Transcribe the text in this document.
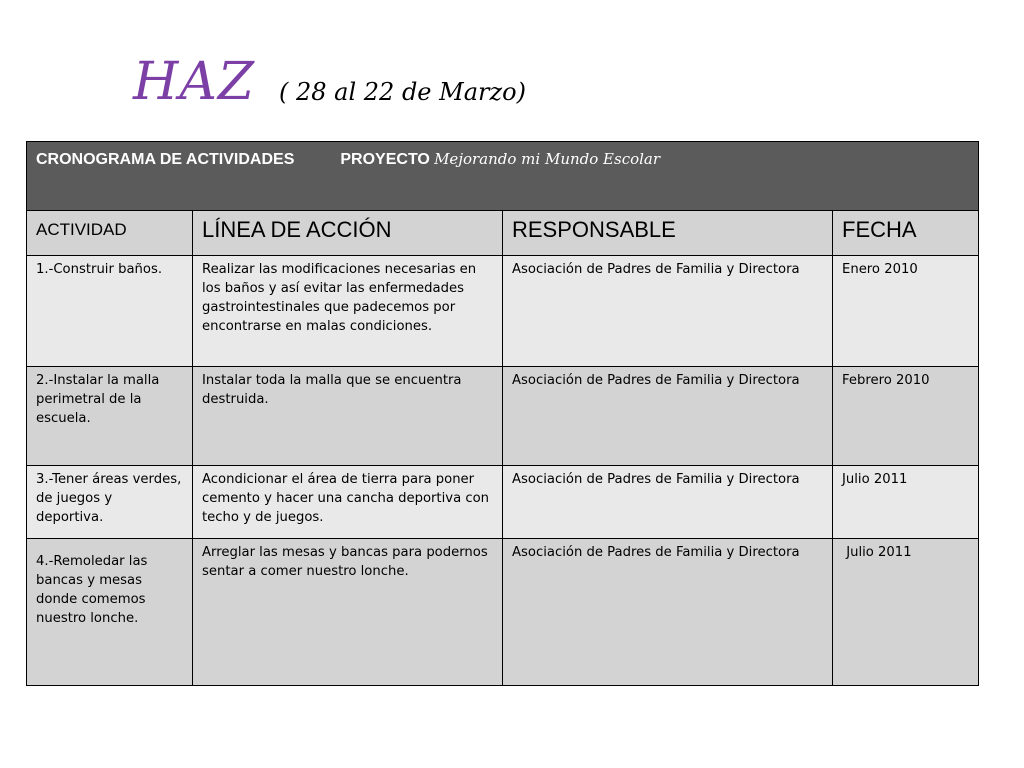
HAZ ( 28 al 22 de Marzo)
CRONOGRAMA DE ACTIVIDADES PROYECTO Mejorando mi Mundo Escolar			
ACTIVIDAD	LÍNEA DE ACCIÓN	RESPONSABLE	FECHA
1.-Construir baños.	Realizar las modificaciones necesarias en los baños y así evitar las enfermedades gastrointestinales que padecemos por encontrarse en malas condiciones.	Asociación de Padres de Familia y Directora	Enero 2010
2.-Instalar la malla perimetral de la escuela.	Instalar toda la malla que se encuentra destruida.	Asociación de Padres de Familia y Directora	Febrero 2010
3.-Tener áreas verdes, de juegos y deportiva.	Acondicionar el área de tierra para poner cemento y hacer una cancha deportiva con techo y de juegos.	Asociación de Padres de Familia y Directora	Julio 2011
4.-Remoledar las bancas y mesas donde comemos nuestro lonche.	Arreglar las mesas y bancas para podernos sentar a comer nuestro lonche.	Asociación de Padres de Familia y Directora	Julio 2011
